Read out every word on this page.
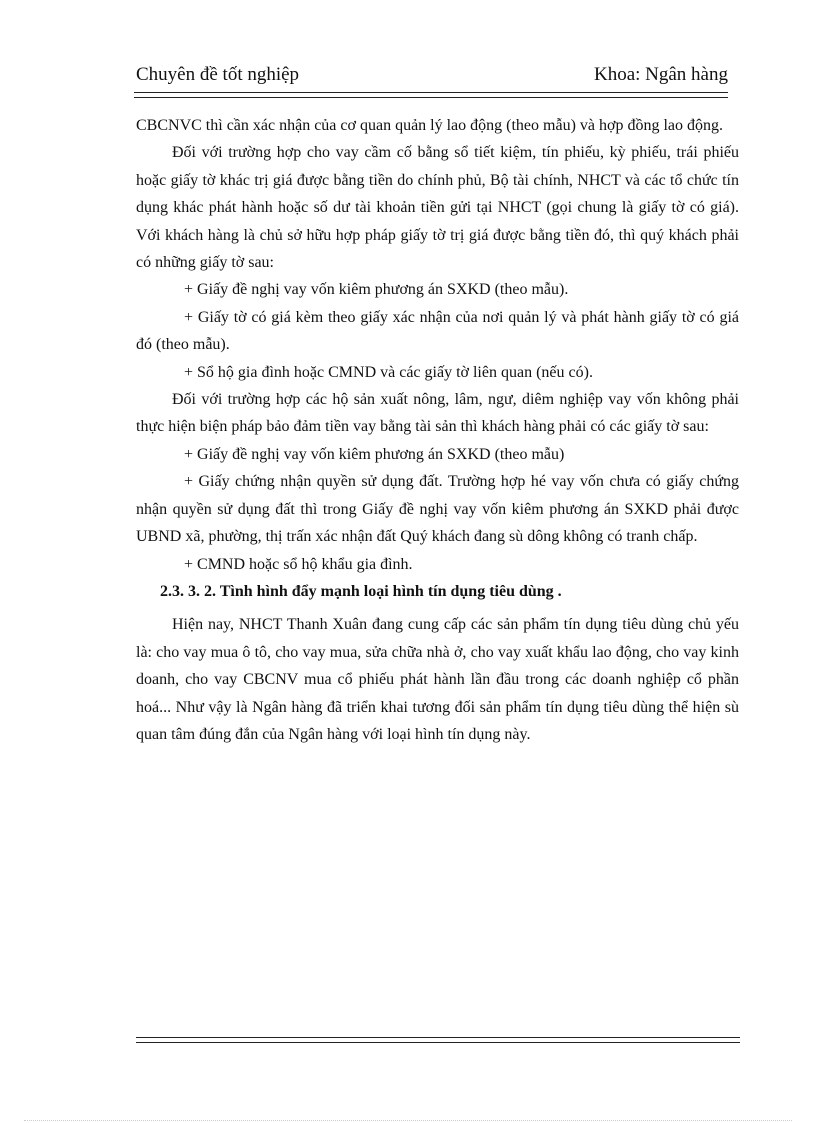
Chuyên đề tốt nghiệp	Khoa: Ngân hàng

CBCNVC thì cần xác nhận của cơ quan quản lý lao động (theo mẫu) và hợp đồng lao động.

Đối với trường hợp cho vay cầm cố bằng sổ tiết kiệm, tín phiếu, kỳ phiếu, trái phiếu hoặc giấy tờ khác trị giá được bằng tiền do chính phủ, Bộ tài chính, NHCT và các tổ chức tín dụng khác phát hành hoặc số dư tài khoản tiền gửi tại NHCT (gọi chung là giấy tờ có giá). Với khách hàng là chủ sở hữu hợp pháp giấy tờ trị giá được bằng tiền đó, thì quý khách phải có những giấy tờ sau:

+ Giấy đề nghị vay vốn kiêm phương án SXKD (theo mẫu).

+ Giấy tờ có giá kèm theo giấy xác nhận của nơi quản lý và phát hành giấy tờ có giá đó (theo mẫu).

+ Sổ hộ gia đình hoặc CMND và các giấy tờ liên quan (nếu có).

Đối với trường hợp các hộ sản xuất nông, lâm, ngư, diêm nghiệp vay vốn không phải thực hiện biện pháp bảo đảm tiền vay bằng tài sản thì khách hàng phải có các giấy tờ sau:

+ Giấy đề nghị vay vốn kiêm phương án SXKD (theo mẫu)

+ Giấy chứng nhận quyền sử dụng đất. Trường hợp hé vay vốn chưa có giấy chứng nhận quyền sử dụng đất thì trong Giấy đề nghị vay vốn kiêm phương án SXKD phải được UBND xã, phường, thị trấn xác nhận đất Quý khách đang sù dông không có tranh chấp.

+ CMND hoặc sổ hộ khẩu gia đình.

2.3. 3. 2. Tình hình đẩy mạnh loại hình tín dụng tiêu dùng .

Hiện nay, NHCT Thanh Xuân đang cung cấp các sản phẩm tín dụng tiêu dùng chủ yếu là: cho vay mua ô tô, cho vay mua, sửa chữa nhà ở, cho vay xuất khẩu lao động, cho vay kinh doanh, cho vay CBCNV mua cổ phiếu phát hành lần đầu trong các doanh nghiệp cổ phần hoá... Như vậy là Ngân hàng đã triển khai tương đối sản phẩm tín dụng tiêu dùng thể hiện sù quan tâm đúng đắn của Ngân hàng với loại hình tín dụng này.
